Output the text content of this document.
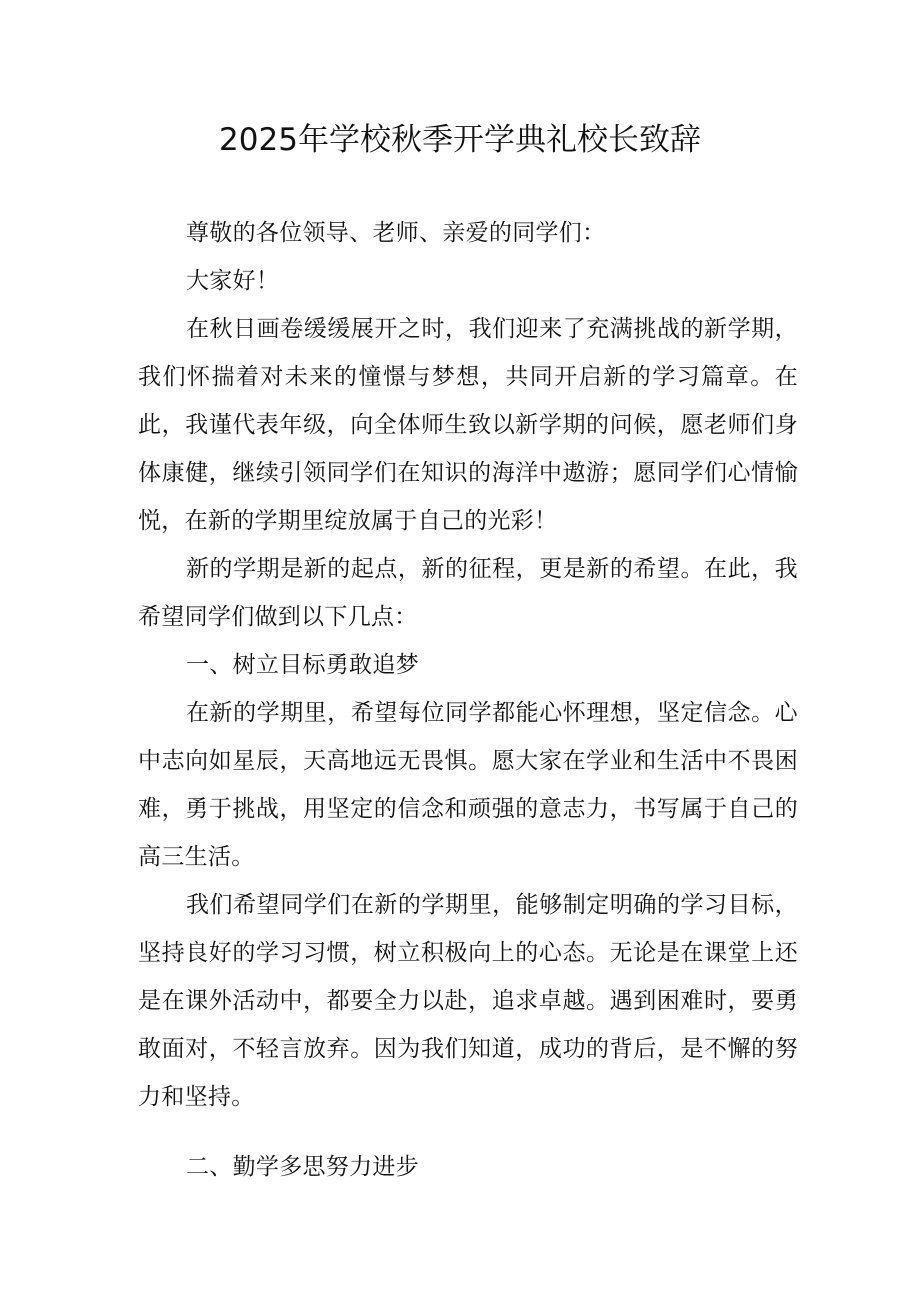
2025年学校秋季开学典礼校长致辞

尊敬的各位领导、老师、亲爱的同学们：

大家好！

在秋日画卷缓缓展开之时，我们迎来了充满挑战的新学期，我们怀揣着对未来的憧憬与梦想，共同开启新的学习篇章。在此，我谨代表年级，向全体师生致以新学期的问候，愿老师们身体康健，继续引领同学们在知识的海洋中遨游；愿同学们心情愉悦，在新的学期里绽放属于自己的光彩！

新的学期是新的起点，新的征程，更是新的希望。在此，我希望同学们做到以下几点：

一、树立目标勇敢追梦

在新的学期里，希望每位同学都能心怀理想，坚定信念。心中志向如星辰，天高地远无畏惧。愿大家在学业和生活中不畏困难，勇于挑战，用坚定的信念和顽强的意志力，书写属于自己的高三生活。

我们希望同学们在新的学期里，能够制定明确的学习目标，坚持良好的学习习惯，树立积极向上的心态。无论是在课堂上还是在课外活动中，都要全力以赴，追求卓越。遇到困难时，要勇敢面对，不轻言放弃。因为我们知道，成功的背后，是不懈的努力和坚持。

二、勤学多思努力进步
